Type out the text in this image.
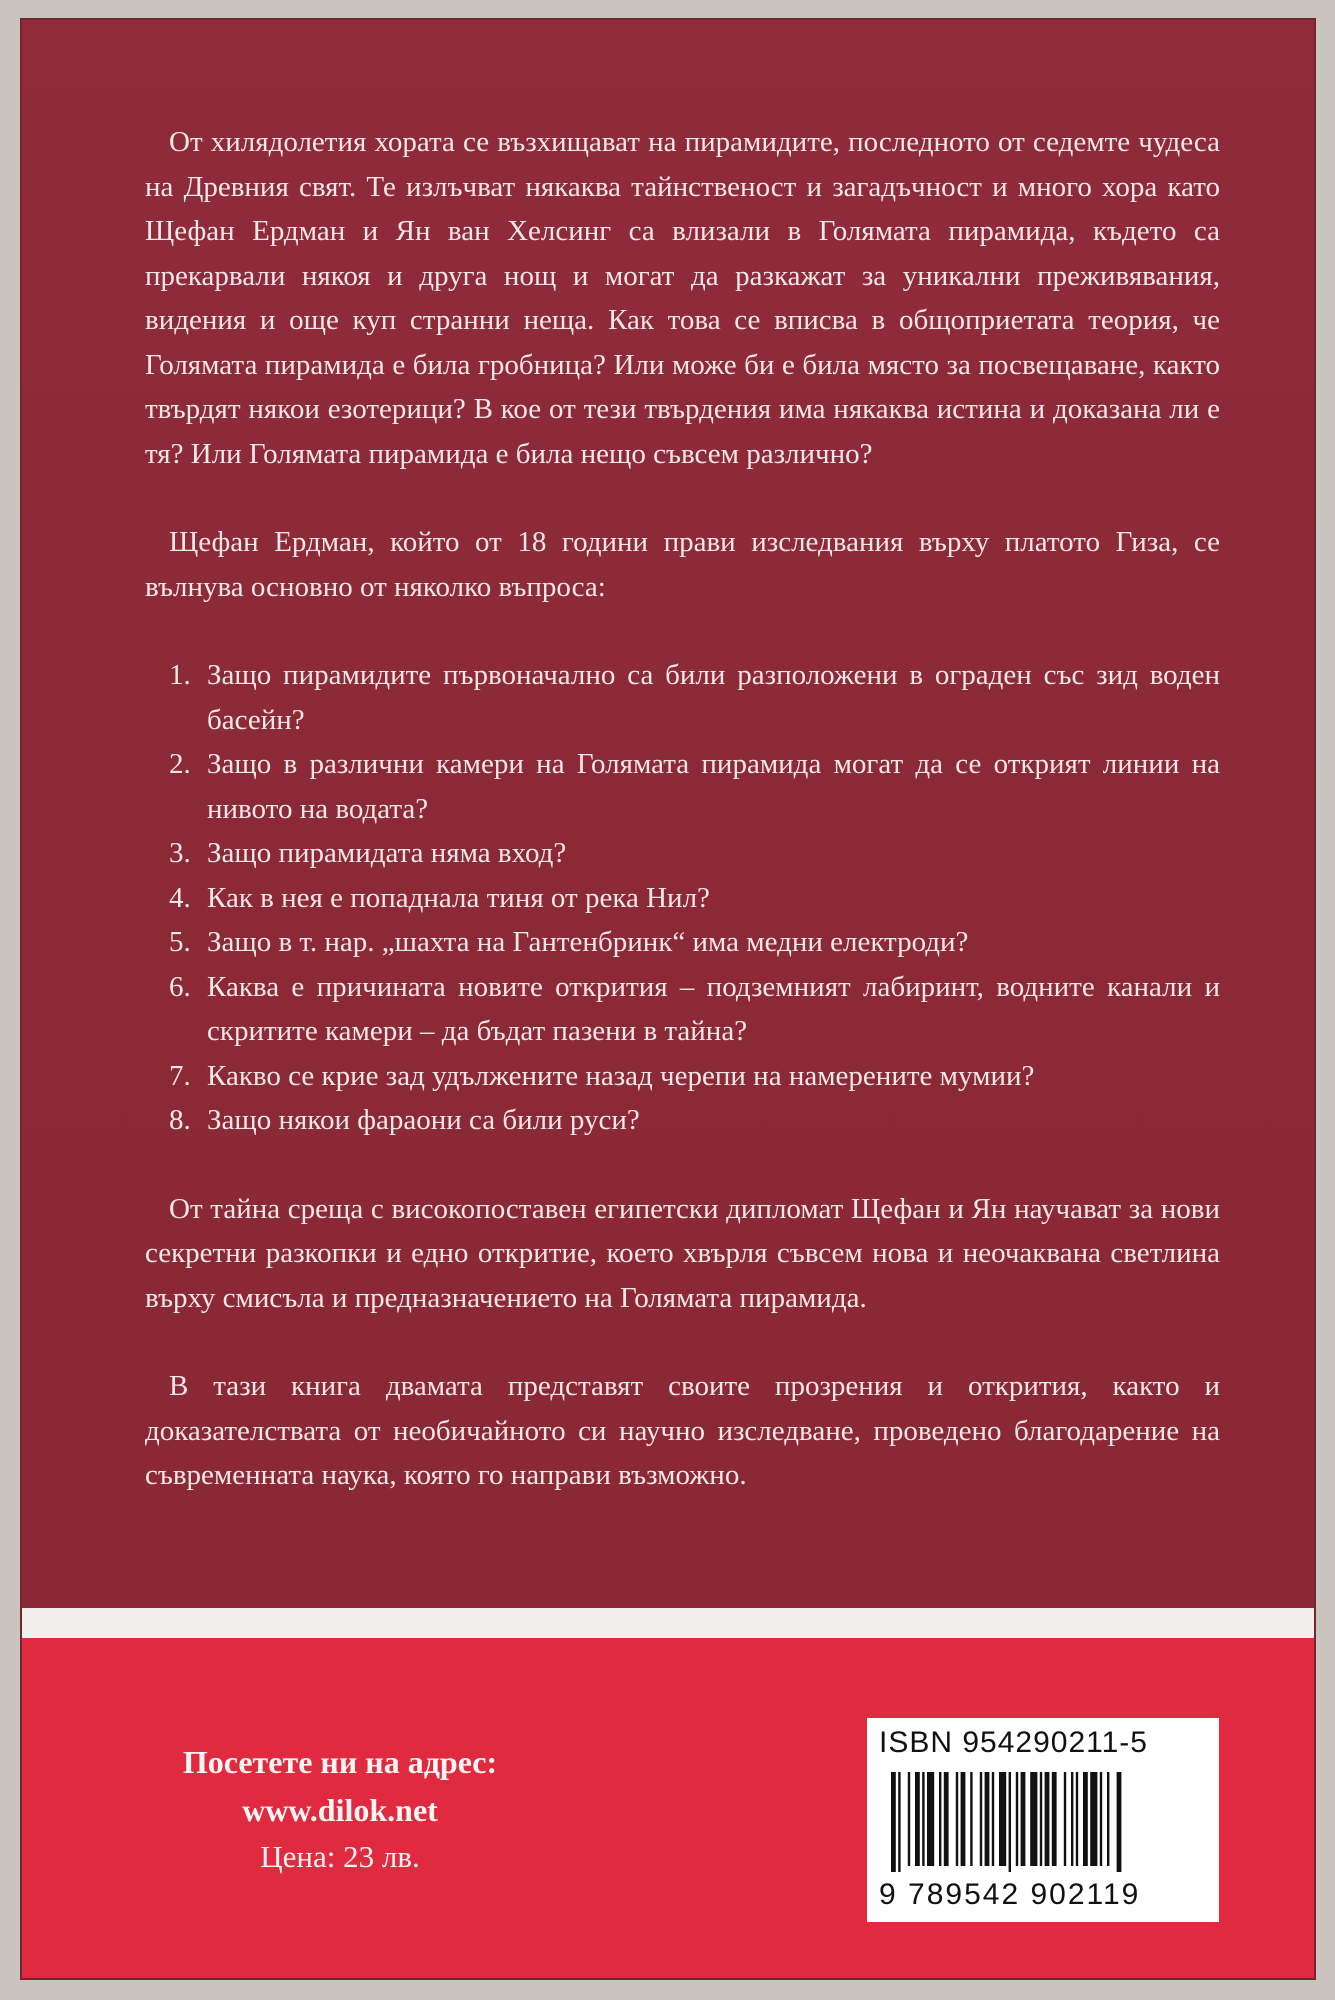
От хилядолетия хората се възхищават на пирамидите, последното от седемте чудеса на Древния свят. Те излъчват някаква тайнственост и загадъчност и много хора като Щефан Ердман и Ян ван Хелсинг са влизали в Голямата пирамида, където са прекарвали някоя и друга нощ и могат да разкажат за уникални преживявания, видения и още куп странни неща. Как това се вписва в общоприетата теория, че Голямата пирамида е била гробница? Или може би е била място за посвещаване, както твърдят някои езотерици? В кое от тези твърдения има някаква истина и доказана ли е тя? Или Голямата пирамида е била нещо съвсем различно?

Щефан Ердман, който от 18 години прави изследвания върху платото Гиза, се вълнува основно от няколко въпроса:

1. Защо пирамидите първоначално са били разположени в ограден със зид воден басейн?
2. Защо в различни камери на Голямата пирамида могат да се открият линии на нивото на водата?
3. Защо пирамидата няма вход?
4. Как в нея е попаднала тиня от река Нил?
5. Защо в т. нар. „шахта на Гантенбринк“ има медни електроди?
6. Каква е причината новите открития – подземният лабиринт, водните канали и скритите камери – да бъдат пазени в тайна?
7. Какво се крие зад удължените назад черепи на намерените мумии?
8. Защо някои фараони са били руси?

От тайна среща с високопоставен египетски дипломат Щефан и Ян научават за нови секретни разкопки и едно откритие, което хвърля съвсем нова и неочаквана светлина върху смисъла и предназначението на Голямата пирамида.

В тази книга двамата представят своите прозрения и открития, както и доказателствата от необичайното си научно изследване, проведено благодарение на съвременната наука, която го направи възможно.

Посетете ни на адрес:
www.dilok.net
Цена: 23 лв.
ISBN 954290211-5
9 789542 902119
